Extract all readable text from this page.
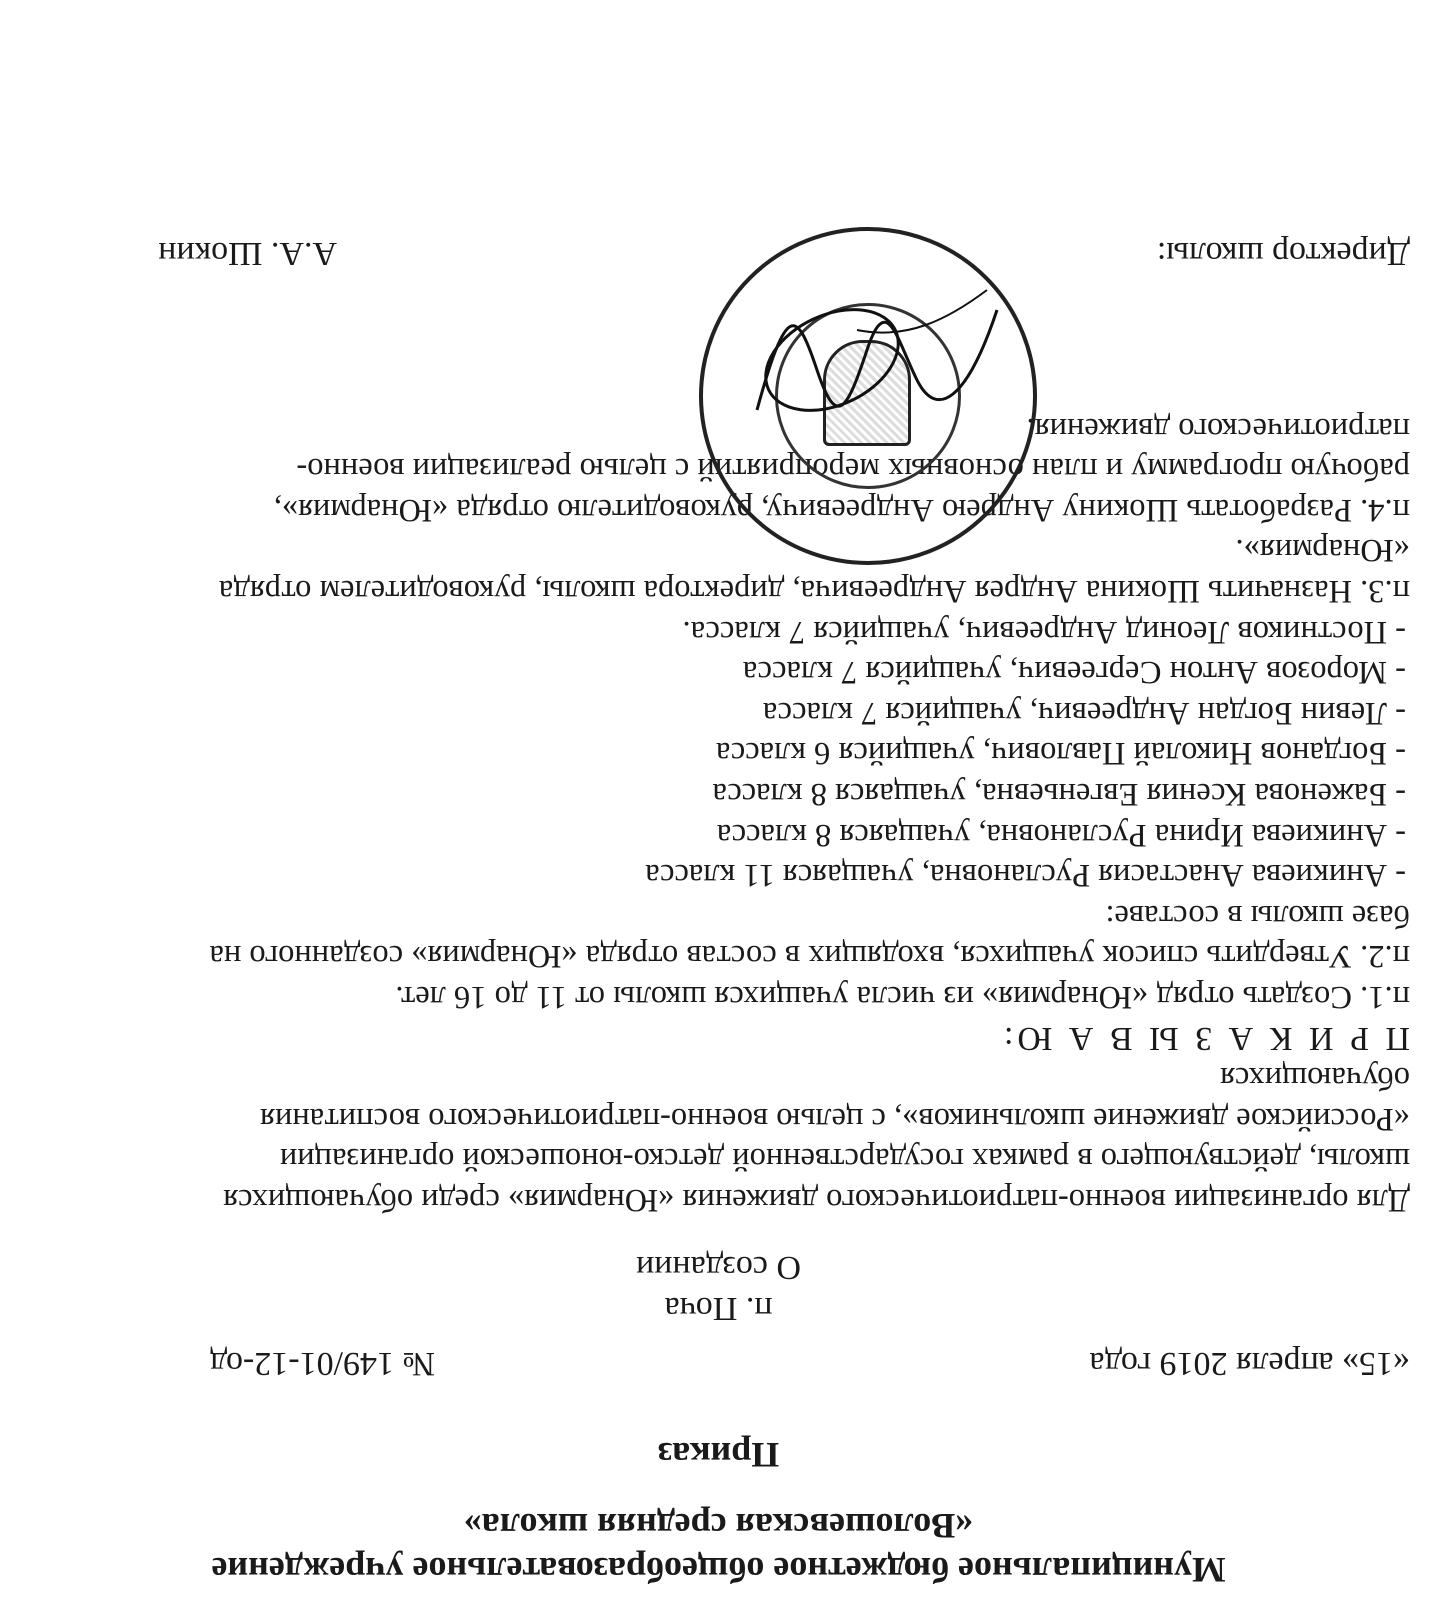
Муниципальное бюджетное общеобразовательное учреждение
«Волошевская средняя школа»
Приказ
«15» апреля 2019 года
№ 149/01-12-од
п. Поча
О создании

Для организации военно-патриотического движения «Юнармия» среди обучающихся

школы, действующего в рамках государственной детско-юношеской организации

«Российское движение школьников», с целью военно-патриотического воспитания

обучающихся

П Р И К А З Ы В А Ю:

п.1. Создать отряд «Юнармия» из числа учащихся школы от 11 до 16 лет.

п.2. Утвердить список учащихся, входящих в состав отряда «Юнармия» созданного на

базе школы в составе:

- Аникиева Анастасия Руслановна, учащаяся 11 класса

- Аникиева Ирина Руслановна, учащаяся 8 класса

- Баженова Ксения Евгеньевна, учащаяся 8 класса

- Богданов Николай Павлович, учащийся 6 класса

- Левин Богдан Андреевич, учащийся 7 класса

- Морозов Антон Сергеевич, учащийся 7 класса

- Постников Леонид Андреевич, учащийся 7 класса.

п.3. Назначить Шокина Андрея Андреевича, директора школы, руководителем отряда

«Юнармия».

п.4. Разработать Шокину Андрею Андреевичу, руководителю отряда «Юнармия»,

рабочую программу и план основных мероприятий с целью реализации военно-

патриотического движения.

Директор школы:
А.А. Шокин
